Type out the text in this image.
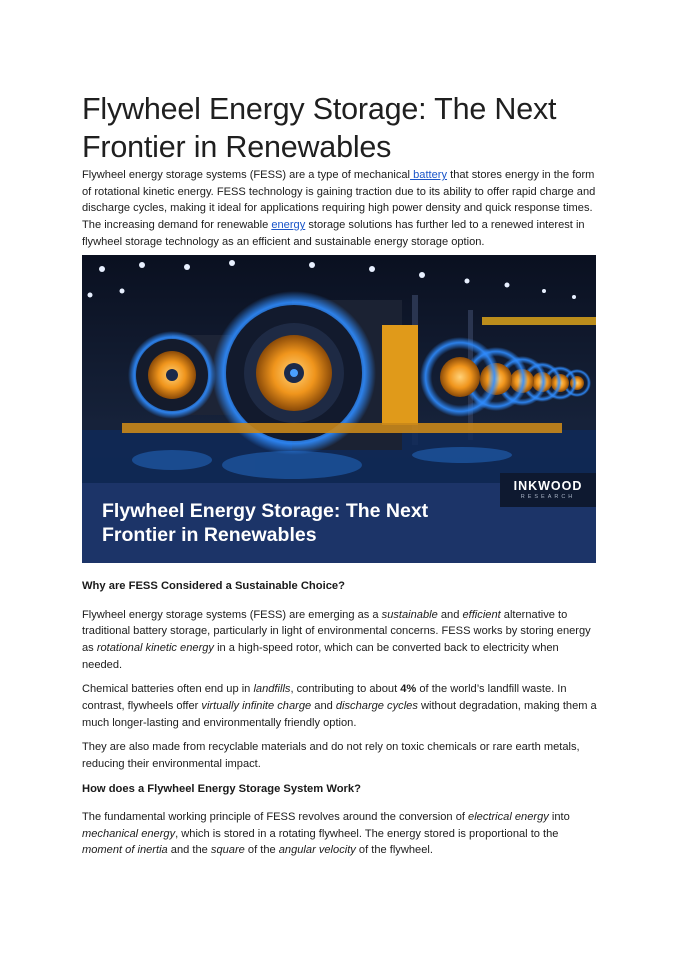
Flywheel Energy Storage: The Next Frontier in Renewables

Flywheel energy storage systems (FESS) are a type of mechanical battery that stores energy in the form of rotational kinetic energy. FESS technology is gaining traction due to its ability to offer rapid charge and discharge cycles, making it ideal for applications requiring high power density and quick response times. The increasing demand for renewable energy storage solutions has further led to a renewed interest in flywheel storage technology as an efficient and sustainable energy storage option.

Flywheel Energy Storage: The Next Frontier in Renewables
INKWOOD
RESEARCH
Why are FESS Considered a Sustainable Choice?

Flywheel energy storage systems (FESS) are emerging as a sustainable and efficient alternative to traditional battery storage, particularly in light of environmental concerns. FESS works by storing energy as rotational kinetic energy in a high-speed rotor, which can be converted back to electricity when needed.

Chemical batteries often end up in landfills, contributing to about 4% of the world’s landfill waste. In contrast, flywheels offer virtually infinite charge and discharge cycles without degradation, making them a much longer-lasting and environmentally friendly option.

They are also made from recyclable materials and do not rely on toxic chemicals or rare earth metals, reducing their environmental impact.

How does a Flywheel Energy Storage System Work?

The fundamental working principle of FESS revolves around the conversion of electrical energy into mechanical energy, which is stored in a rotating flywheel. The energy stored is proportional to the moment of inertia and the square of the angular velocity of the flywheel.
